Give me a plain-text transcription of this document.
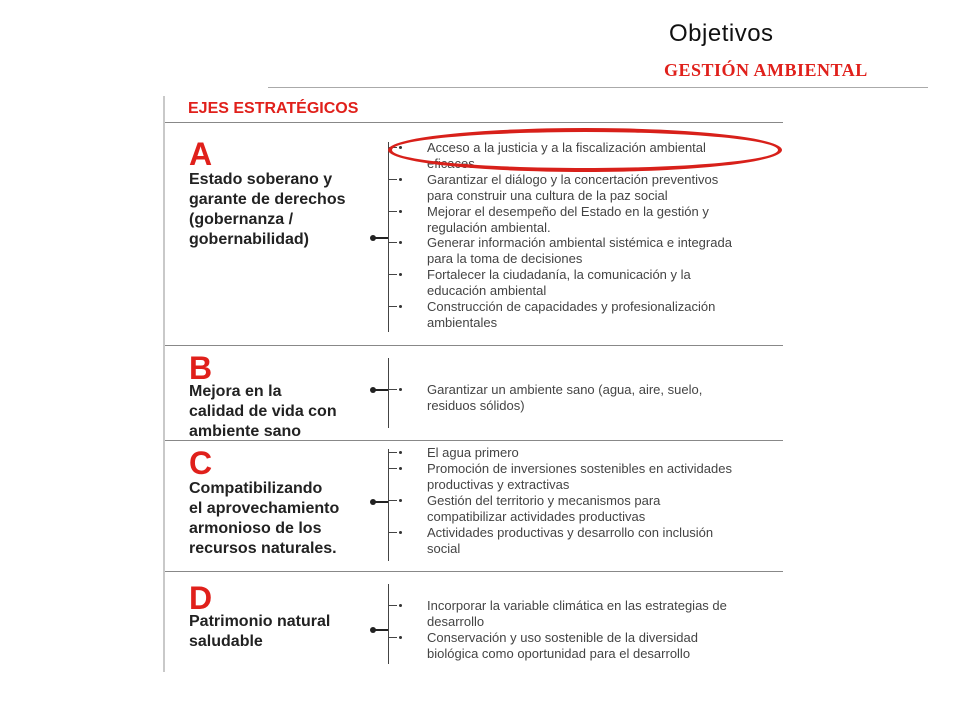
Objetivos
GESTIÓN AMBIENTAL
EJES ESTRATÉGICOS
A
Estado soberano y
garante de derechos
(gobernanza /
gobernabilidad)
Acceso a la justicia y a la fiscalización ambiental
eficaces
Garantizar el diálogo y la concertación preventivos
para construir una cultura de la paz social
Mejorar el desempeño del Estado en la gestión y
regulación ambiental.
Generar información ambiental sistémica e integrada
para la toma de decisiones
Fortalecer la ciudadanía, la comunicación y la
educación ambiental
Construcción de capacidades y profesionalización
ambientales
B
Mejora en la
calidad de vida con
ambiente sano
Garantizar un ambiente sano (agua, aire, suelo,
residuos sólidos)
C
Compatibilizando
el aprovechamiento
armonioso de los
recursos naturales.
El agua primero
Promoción de inversiones sostenibles en actividades
productivas y extractivas
Gestión del territorio y mecanismos para
compatibilizar actividades productivas
Actividades productivas y desarrollo con inclusión
social
D
Patrimonio natural
saludable
Incorporar la variable climática en las estrategias de
desarrollo
Conservación y uso sostenible de la diversidad
biológica como oportunidad para el desarrollo
